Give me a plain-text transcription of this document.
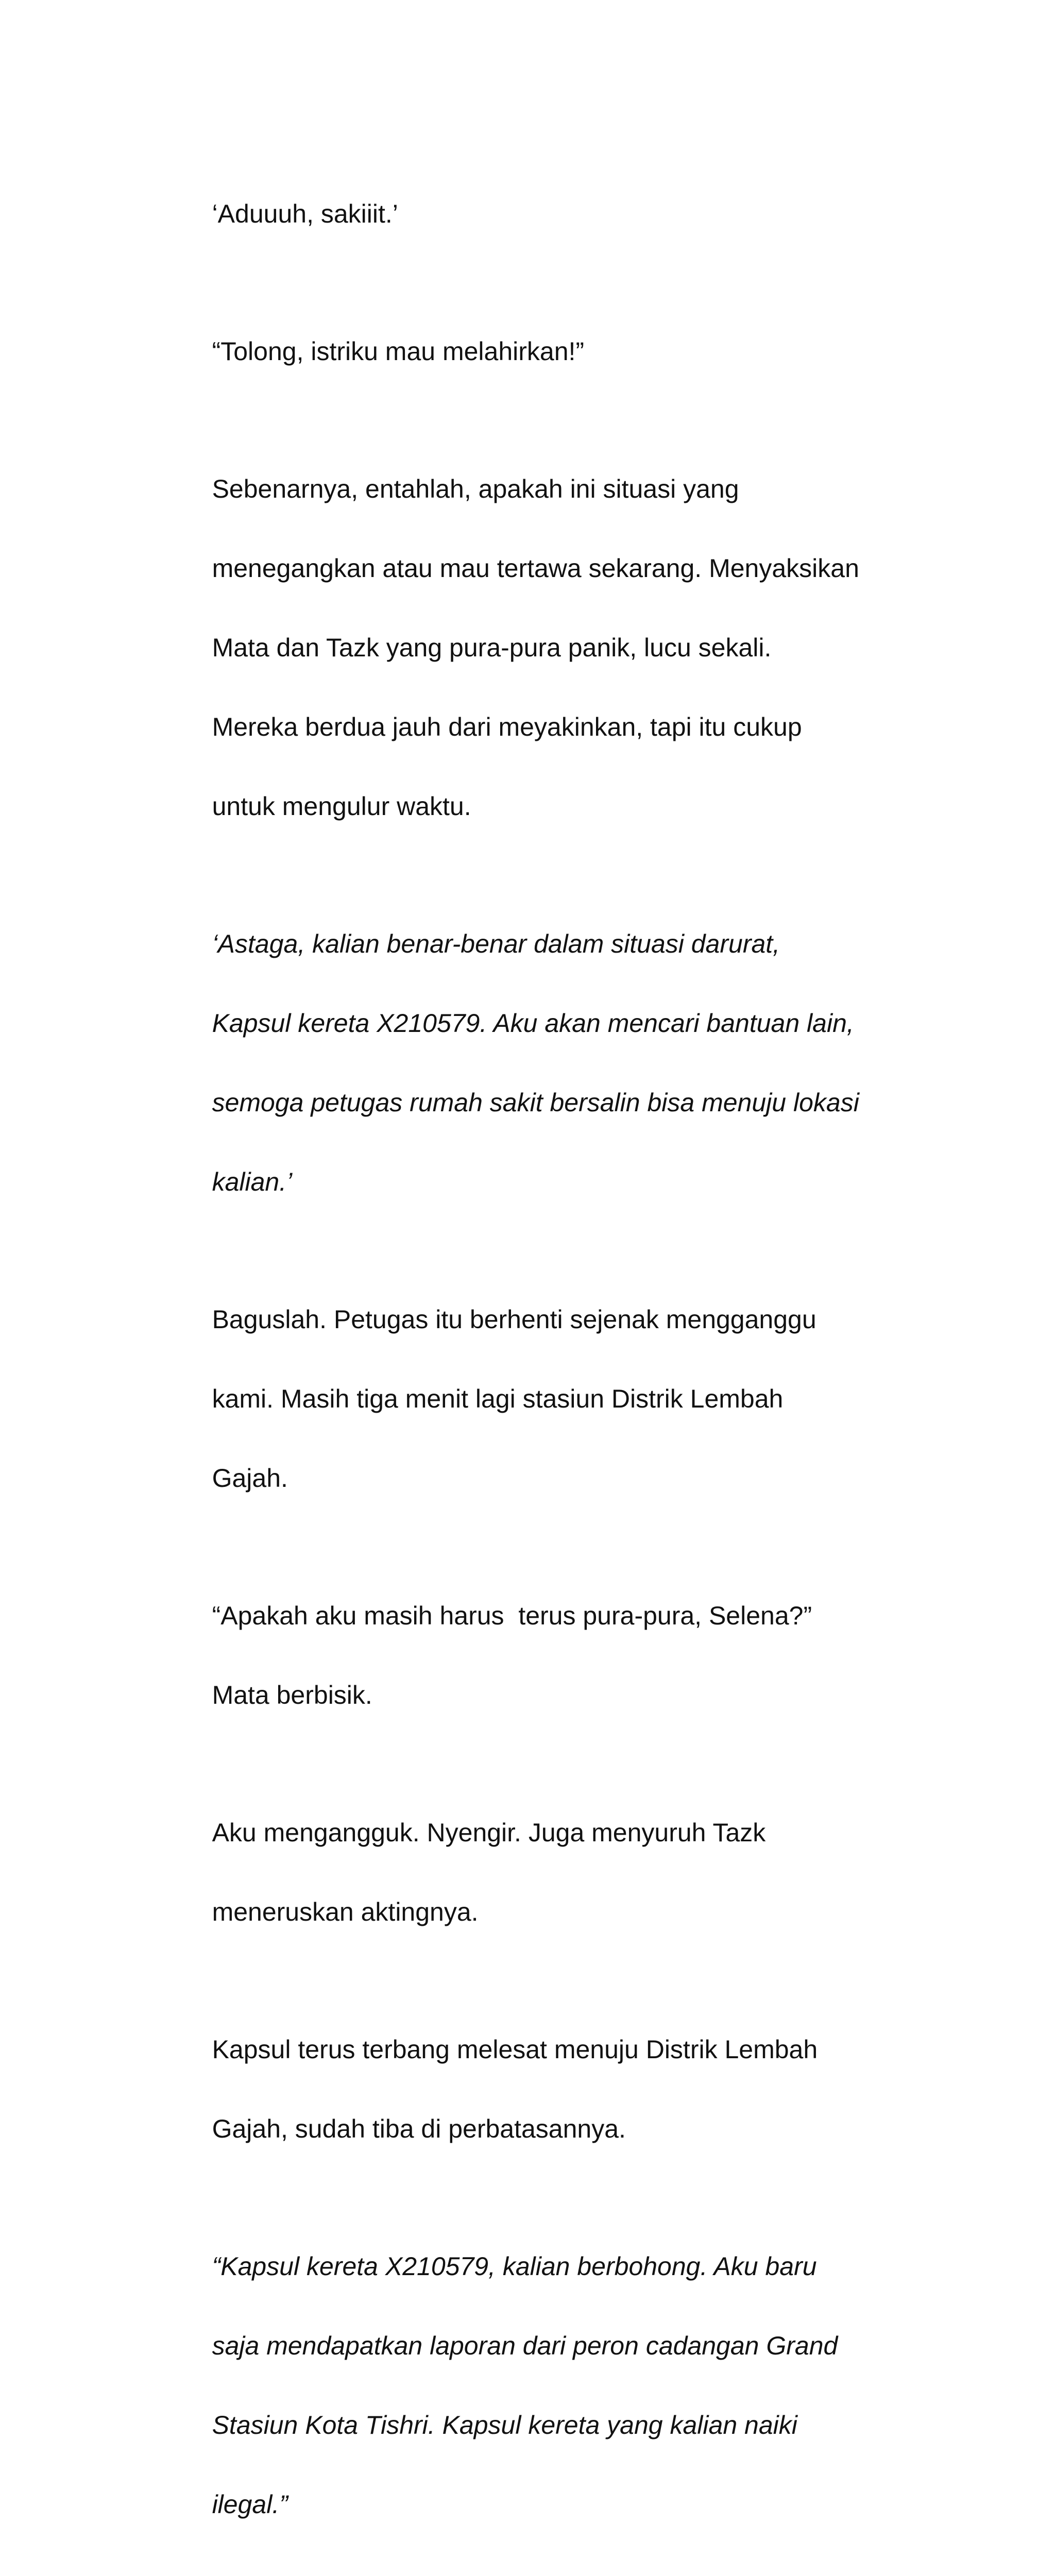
‘Aduuuh, sakiiit.’

“Tolong, istriku mau melahirkan!”

Sebenarnya, entahlah, apakah ini situasi yang

menegangkan atau mau tertawa sekarang. Menyaksikan

Mata dan Tazk yang pura-pura panik, lucu sekali.

Mereka berdua jauh dari meyakinkan, tapi itu cukup

untuk mengulur waktu.

‘Astaga, kalian benar-benar dalam situasi darurat,

Kapsul kereta X210579. Aku akan mencari bantuan lain,

semoga petugas rumah sakit bersalin bisa menuju lokasi

kalian.’

Baguslah. Petugas itu berhenti sejenak mengganggu

kami. Masih tiga menit lagi stasiun Distrik Lembah

Gajah.

“Apakah aku masih harus  terus pura-pura, Selena?”

Mata berbisik.

Aku mengangguk. Nyengir. Juga menyuruh Tazk

meneruskan aktingnya.

Kapsul terus terbang melesat menuju Distrik Lembah

Gajah, sudah tiba di perbatasannya.

“Kapsul kereta X210579, kalian berbohong. Aku baru

saja mendapatkan laporan dari peron cadangan Grand

Stasiun Kota Tishri. Kapsul kereta yang kalian naiki

ilegal.”
